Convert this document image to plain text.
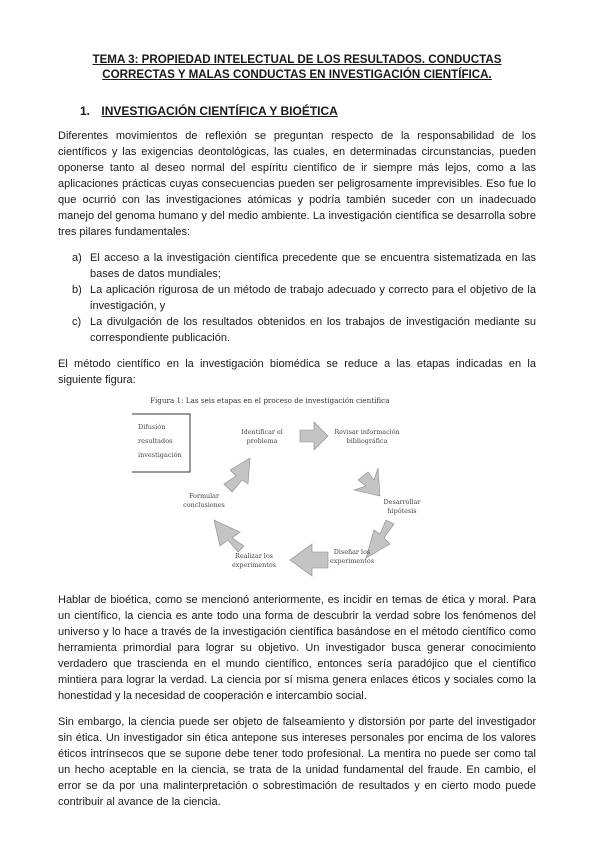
TEMA 3: PROPIEDAD INTELECTUAL DE LOS RESULTADOS. CONDUCTAS
CORRECTAS Y MALAS CONDUCTAS EN INVESTIGACIÓN CIENTÍFICA.
1. INVESTIGACIÓN CIENTÍFICA Y BIOÉTICA

Diferentes movimientos de reflexión se preguntan respecto de la responsabilidad de los científicos y las exigencias deontológicas, las cuales, en determinadas circunstancias, pueden oponerse tanto al deseo normal del espíritu científico de ir siempre más lejos, como a las aplicaciones prácticas cuyas consecuencias pueden ser peligrosamente imprevisibles. Eso fue lo que ocurrió con las investigaciones atómicas y podría también suceder con un inadecuado manejo del genoma humano y del medio ambiente. La investigación científica se desarrolla sobre tres pilares fundamentales:

a) El acceso a la investigación científica precedente que se encuentra sistematizada en las bases de datos mundiales;
b) La aplicación rigurosa de un método de trabajo adecuado y correcto para el objetivo de la investigación, y
c) La divulgación de los resultados obtenidos en los trabajos de investigación mediante su correspondiente publicación.

El método científico en la investigación biomédica se reduce a las etapas indicadas en la siguiente figura:

Figura 1: Las seis etapas en el proceso de investigación científica
Difusión
resultados
investigación
Identificar el
problema
Revisar información
bibliográfica
Desarrollar
hipótesis
Diseñar los
experimentos
Realizar los
experimentos
Formular
conclusiones

Hablar de bioética, como se mencionó anteriormente, es incidir en temas de ética y moral. Para un científico, la ciencia es ante todo una forma de descubrir la verdad sobre los fenómenos del universo y lo hace a través de la investigación científica basándose en el método científico como herramienta primordial para lograr su objetivo. Un investigador busca generar conocimiento verdadero que trascienda en el mundo científico, entonces sería paradójico que el científico mintiera para lograr la verdad. La ciencia por sí misma genera enlaces éticos y sociales como la honestidad y la necesidad de cooperación e intercambio social.

Sin embargo, la ciencia puede ser objeto de falseamiento y distorsión por parte del investigador sin ética. Un investigador sin ética antepone sus intereses personales por encima de los valores éticos intrínsecos que se supone debe tener todo profesional. La mentira no puede ser como tal un hecho aceptable en la ciencia, se trata de la unidad fundamental del fraude. En cambio, el error se da por una malinterpretación o sobrestimación de resultados y en cierto modo puede contribuir al avance de la ciencia.
